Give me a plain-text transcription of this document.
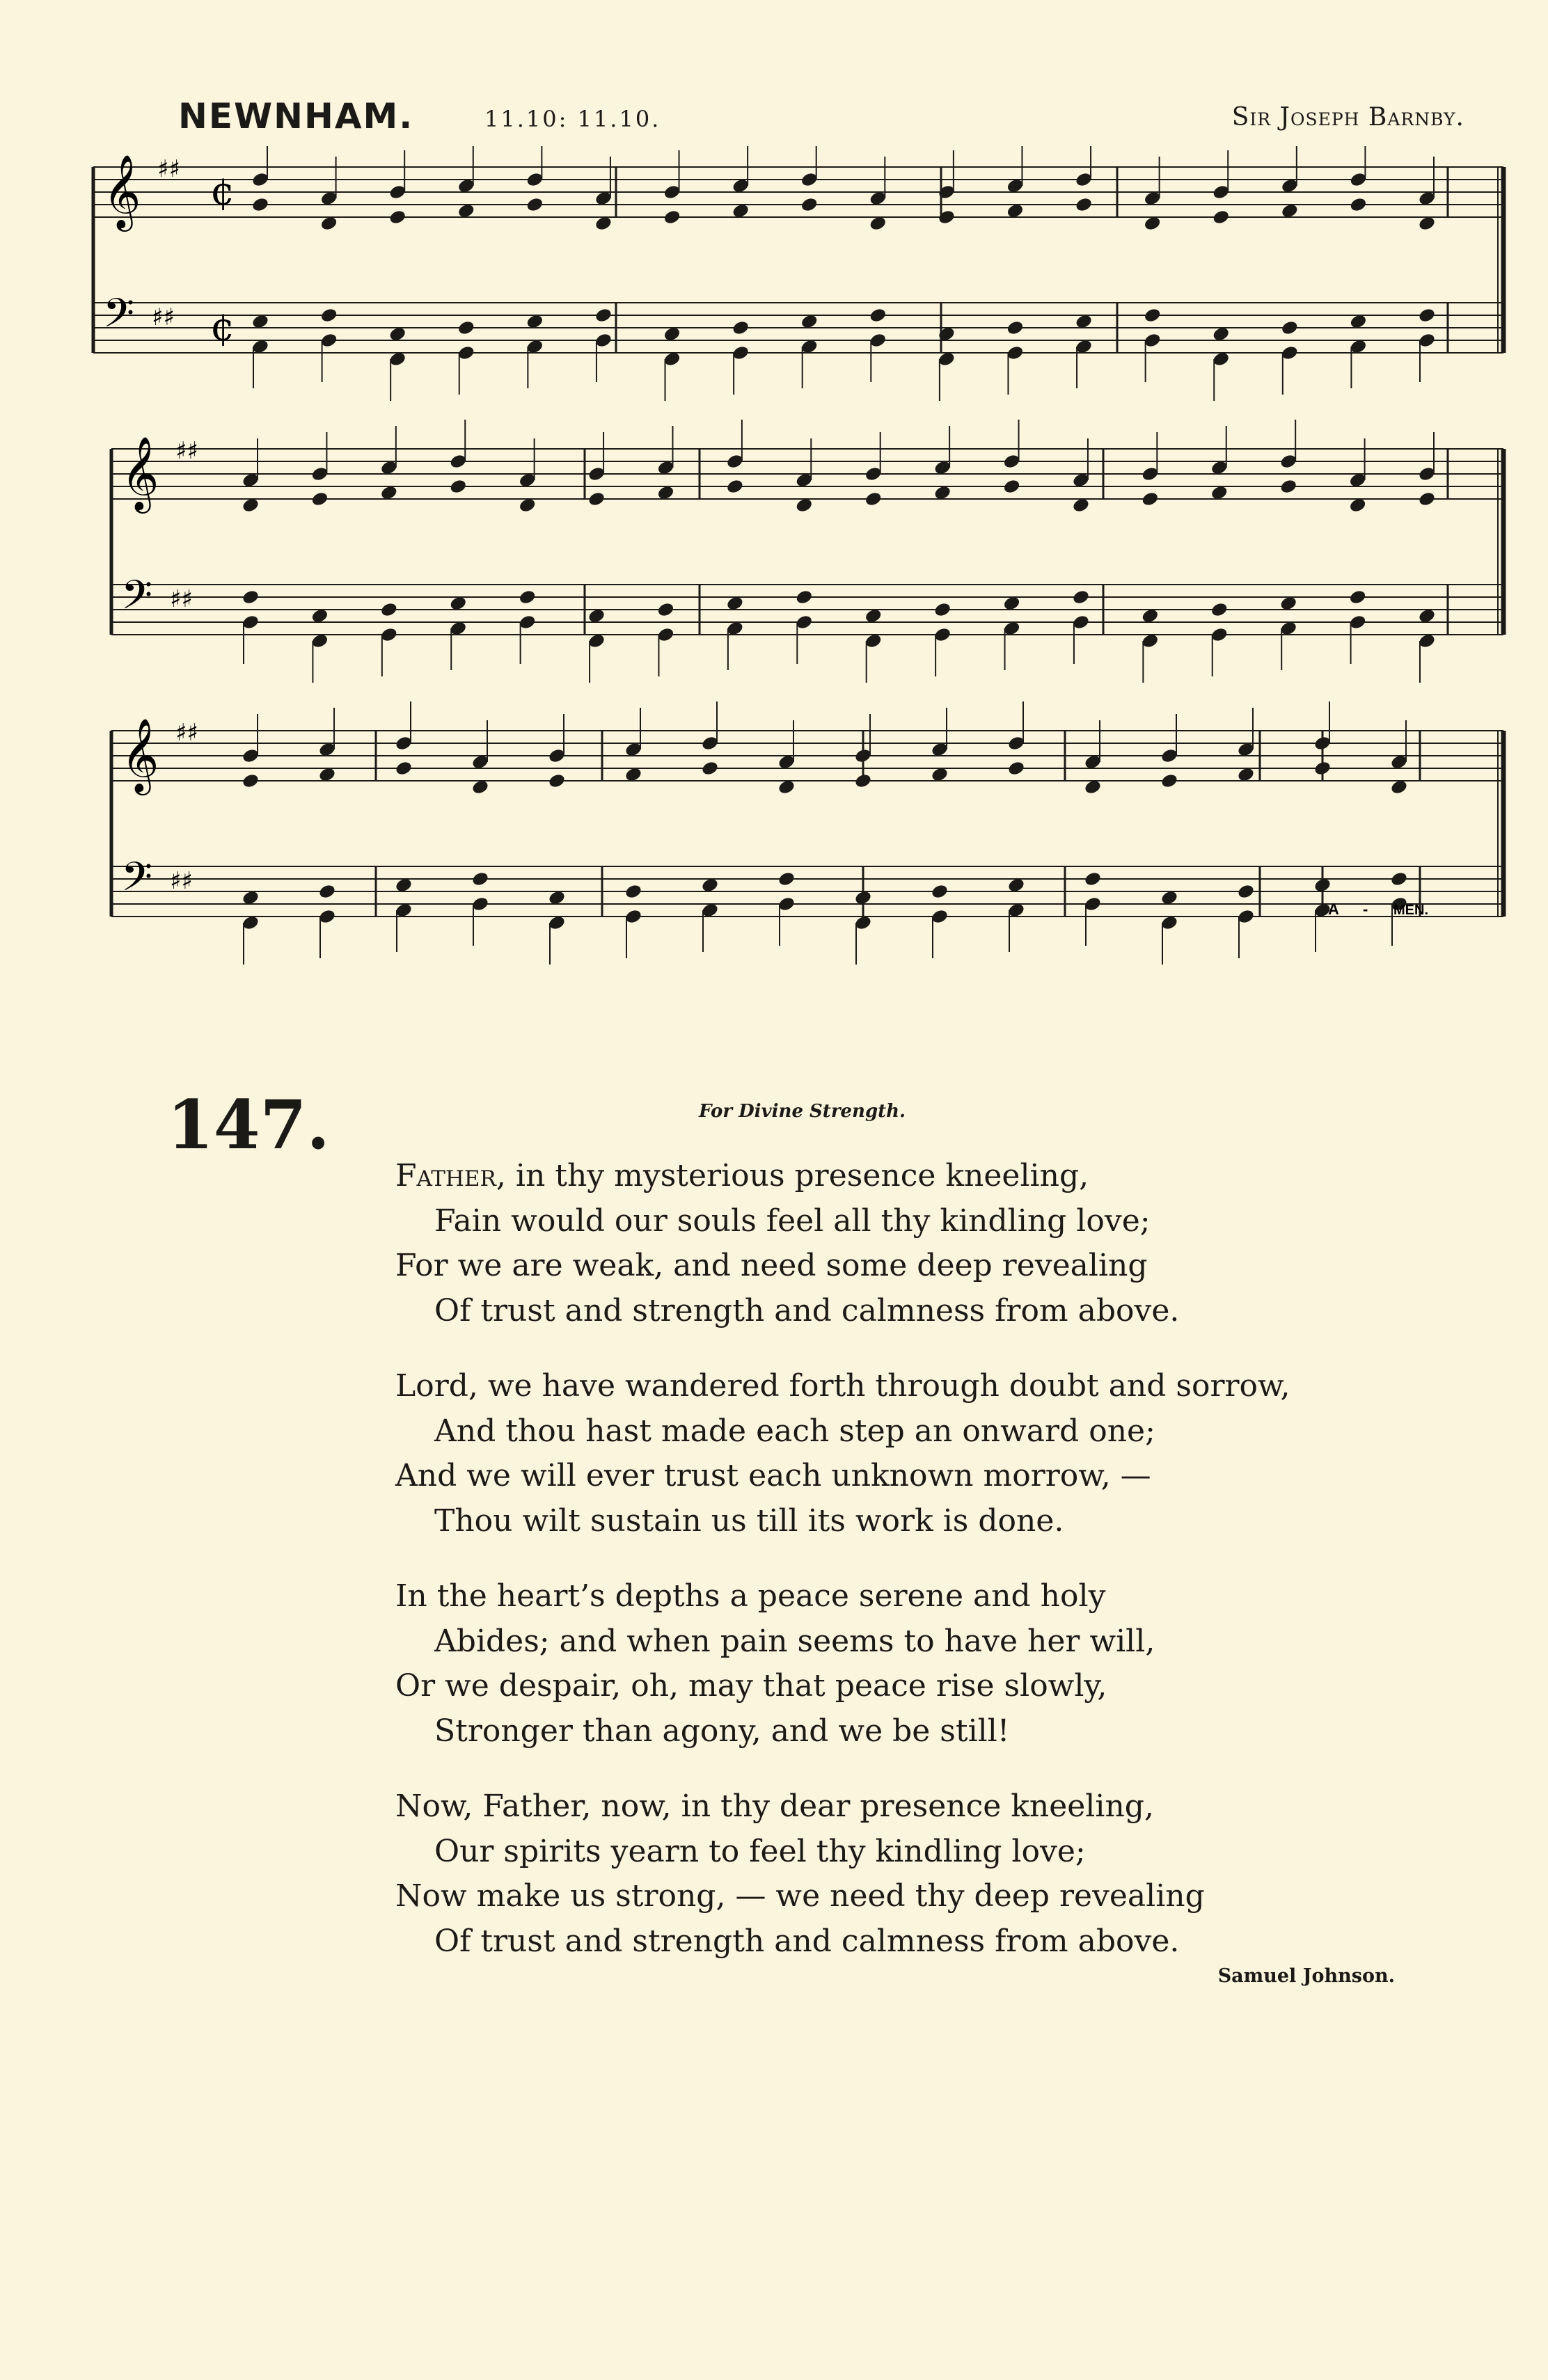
NEWNHAM.	11.10: 11.10.	Sir Joseph Barnby.
𝄞 ♯♯ ¢
𝄢 ♯♯ ¢
𝄞 ♯♯
𝄢 ♯♯
𝄞 ♯♯
𝄢 ♯♯
A - MEN.
147.	For Divine Strength.
Father, in thy mysterious presence kneeling,
Fain would our souls feel all thy kindling love;
For we are weak, and need some deep revealing
Of trust and strength and calmness from above.
Lord, we have wandered forth through doubt and sorrow,
And thou hast made each step an onward one;
And we will ever trust each unknown morrow, —
Thou wilt sustain us till its work is done.
In the heart’s depths a peace serene and holy
Abides; and when pain seems to have her will,
Or we despair, oh, may that peace rise slowly,
Stronger than agony, and we be still!
Now, Father, now, in thy dear presence kneeling,
Our spirits yearn to feel thy kindling love;
Now make us strong, — we need thy deep revealing
Of trust and strength and calmness from above.
Samuel Johnson.
